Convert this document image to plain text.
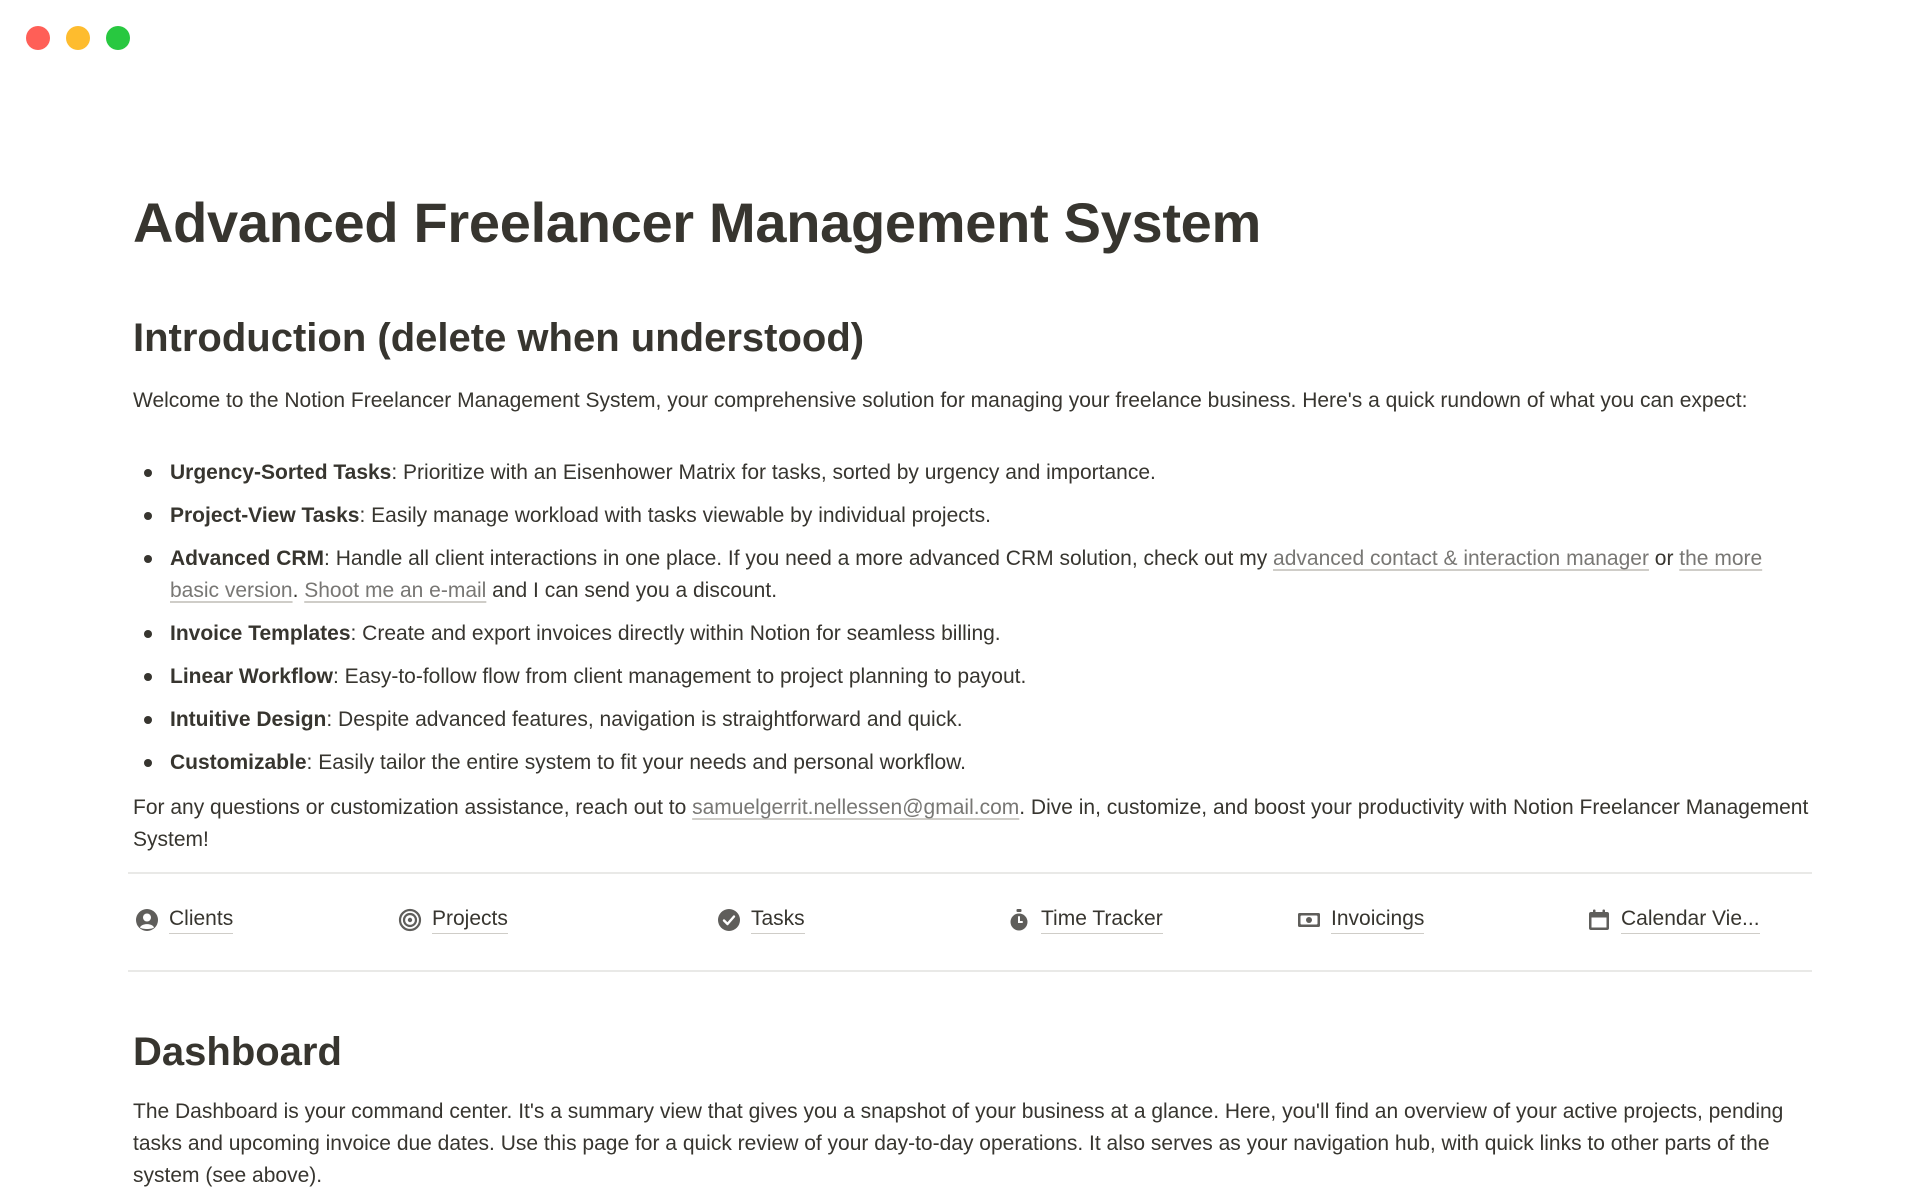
Advanced Freelancer Management System
Introduction (delete when understood)

Welcome to the Notion Freelancer Management System, your comprehensive solution for managing your freelance business. Here's a quick rundown of what you can expect:

Urgency-Sorted Tasks: Prioritize with an Eisenhower Matrix for tasks, sorted by urgency and importance.
Project-View Tasks: Easily manage workload with tasks viewable by individual projects.
Advanced CRM: Handle all client interactions in one place. If you need a more advanced CRM solution, check out my advanced contact & interaction manager or the more basic version. Shoot me an e-mail and I can send you a discount.
Invoice Templates: Create and export invoices directly within Notion for seamless billing.
Linear Workflow: Easy-to-follow flow from client management to project planning to payout.
Intuitive Design: Despite advanced features, navigation is straightforward and quick.
Customizable: Easily tailor the entire system to fit your needs and personal workflow.

For any questions or customization assistance, reach out to samuelgerrit.nellessen@gmail.com. Dive in, customize, and boost your productivity with Notion Freelancer Management System!

Dashboard

The Dashboard is your command center. It's a summary view that gives you a snapshot of your business at a glance. Here, you'll find an overview of your active projects, pending tasks and upcoming invoice due dates. Use this page for a quick review of your day-to-day operations. It also serves as your navigation hub, with quick links to other parts of the system (see above).

Clients	Projects	Tasks	Time Tracker	Invoicings	Calendar Vie...
